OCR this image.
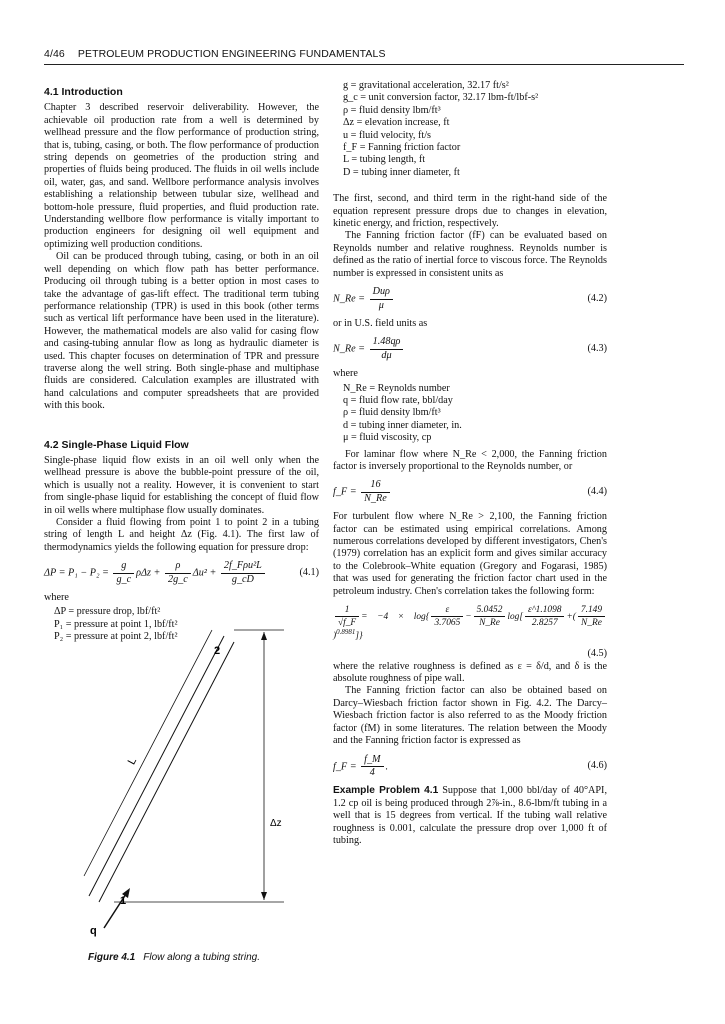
4/46 PETROLEUM PRODUCTION ENGINEERING FUNDAMENTALS
4.1 Introduction

Chapter 3 described reservoir deliverability. However, the achievable oil production rate from a well is determined by wellhead pressure and the flow performance of production string, that is, tubing, casing, or both. The flow performance of production string depends on geometries of the production string and properties of fluids being produced. The fluids in oil wells include oil, water, gas, and sand. Wellbore performance analysis involves establishing a relationship between tubular size, wellhead and bottom-hole pressure, fluid properties, and fluid production rate. Understanding wellbore flow performance is vitally important to production engineers for designing oil well equipment and optimizing well production conditions.

Oil can be produced through tubing, casing, or both in an oil well depending on which flow path has better performance. Producing oil through tubing is a better option in most cases to take the advantage of gas-lift effect. The traditional term tubing performance relationship (TPR) is used in this book (other terms such as vertical lift performance have been used in the literature). However, the mathematical models are also valid for casing flow and casing-tubing annular flow as long as hydraulic diameter is used. This chapter focuses on determination of TPR and pressure traverse along the well string. Both single-phase and multiphase fluids are considered. Calculation examples are illustrated with hand calculations and computer spreadsheets that are provided with this book.

4.2 Single-Phase Liquid Flow

Single-phase liquid flow exists in an oil well only when the wellhead pressure is above the bubble-point pressure of the oil, which is usually not a reality. However, it is convenient to start from single-phase liquid for establishing the concept of fluid flow in oil wells where multiphase flow usually dominates.

Consider a fluid flowing from point 1 to point 2 in a tubing string of length L and height Δz (Fig. 4.1). The first law of thermodynamics yields the following equation for pressure drop:

$\Delta P = P_1 - P_2 = \frac{g}{g\_c}$ $\rho\Delta z + \frac{\rho}{2g\_c} \Delta u^2 + \frac{\text{2f\_Fρu²L}}{g\_cD}$	(4.1)

where

ΔP = pressure drop, lbf/ft²
P₁ = pressure at point 1, lbf/ft²
P₂ = pressure at point 2, lbf/ft²
2
1
L
Δz
q
Figure 4.1 Flow along a tubing string.
g = gravitational acceleration, 32.17 ft/s²
g_c = unit conversion factor, 32.17 lbm-ft/lbf-s²
ρ = fluid density lbm/ft³
Δz = elevation increase, ft
u = fluid velocity, ft/s
f_F = Fanning friction factor
L = tubing length, ft
D = tubing inner diameter, ft

The first, second, and third term in the right-hand side of the equation represent pressure drops due to changes in elevation, kinetic energy, and friction, respectively.

The Fanning friction factor (fF) can be evaluated based on Reynolds number and relative roughness. Reynolds number is defined as the ratio of inertial force to viscous force. The Reynolds number is expressed in consistent units as

N_Re = $\frac{\text{Duρ}}{\mu}$	(4.2)

or in U.S. field units as

N_Re = $\frac{1.48q\rho}{d\mu}$	(4.3)

where

N_Re = Reynolds number
q = fluid flow rate, bbl/day
ρ = fluid density lbm/ft³
d = tubing inner diameter, in.
μ = fluid viscosity, cp

For laminar flow where N_Re < 2,000, the Fanning friction factor is inversely proportional to the Reynolds number, or

f_F = $\frac{16}{N\_Re}$	(4.4)

For turbulent flow where N_Re > 2,100, the Fanning friction factor can be estimated using empirical correlations. Among numerous correlations developed by different investigators, Chen's (1979) correlation has an explicit form and gives similar accuracy to the Colebrook–White equation (Gregory and Fogarasi, 1985) that was used for generating the friction factor chart used in the petroleum industry. Chen's correlation takes the following form:

$\frac{1}{√f\_F} = -4 \times \log\{ \frac{\varepsilon}{3.7065} - \frac{5.0452}{N\_Re} \log[ \frac{\varepsilon\^{}1.1098}{2.8257}$ +( $\frac{7.149}{N\_Re}$
)$^{0.8981}$]}
(4.5)

where the relative roughness is defined as ε = δ/d, and δ is the absolute roughness of pipe wall.

The Fanning friction factor can also be obtained based on Darcy–Wiesbach friction factor shown in Fig. 4.2. The Darcy–Wiesbach friction factor is also referred to as the Moody friction factor (fM) in some literatures. The relation between the Moody and the Fanning friction factor is expressed as

f_F = $\frac{f\_M}{4}$ .	(4.6)

Example Problem 4.1 Suppose that 1,000 bbl/day of 40°API, 1.2 cp oil is being produced through 2⅞-in., 8.6-lbm/ft tubing in a well that is 15 degrees from vertical. If the tubing wall relative roughness is 0.001, calculate the pressure drop over 1,000 ft of tubing.
